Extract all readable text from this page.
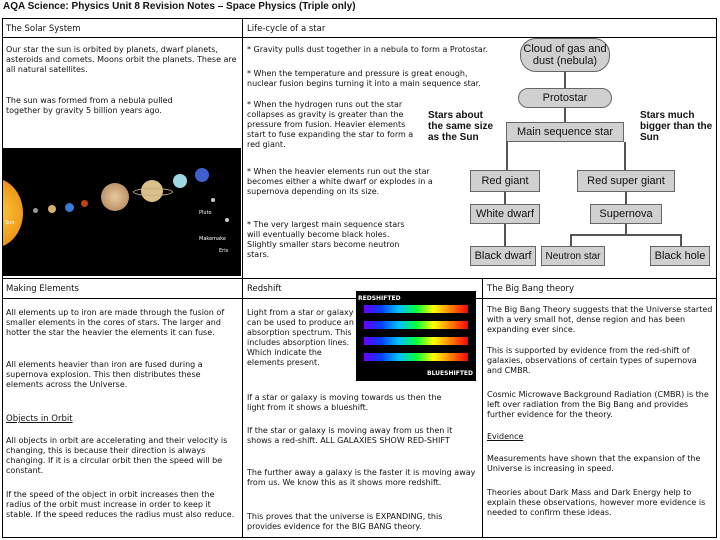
AQA Science: Physics Unit 8 Revision Notes – Space Physics (Triple only)
The Solar System
Our star the sun is orbited by planets, dwarf planets, asteroids and comets. Moons orbit the planets. These are all natural satellites.
The sun was formed from a nebula pulled together by gravity 5 billion years ago.
Sun
Pluto
Makemake
Eris
Life-cycle of a star
* Gravity pulls dust together in a nebula to form a Protostar.
* When the temperature and pressure is great enough, nuclear fusion begins turning it into a main sequence star.
* When the hydrogen runs out the star collapses as gravity is greater than the pressure from fusion. Heavier elements start to fuse expanding the star to form a red giant.
* When the heavier elements run out the star becomes either a white dwarf or explodes in a supernova depending on its size.
* The very largest main sequence stars will eventually become black holes. Slightly smaller stars become neutron stars.
Cloud of gas and dust (nebula)
Protostar
Main sequence star
Stars about the same size as the Sun
Stars much bigger than the Sun
Red giant	Red super giant
White dwarf	Supernova
Black dwarf	Neutron star	Black hole
Making Elements
All elements up to iron are made through the fusion of smaller elements in the cores of stars. The larger and hotter the star the heavier the elements it can fuse.
All elements heavier than iron are fused during a supernova explosion. This then distributes these elements across the Universe.
Objects in Orbit
All objects in orbit are accelerating and their velocity is changing, this is because their direction is always changing. If it is a circular orbit then the speed will be constant.
If the speed of the object in orbit increases then the radius of the orbit must increase in order to keep it stable. If the speed reduces the radius must also reduce.
Redshift
Light from a star or galaxy can be used to produce an absorption spectrum. This includes absorption lines. Which indicate the elements present.
REDSHIFTED
BLUESHIFTED
If a star or galaxy is moving towards us then the light from it shows a blueshift.
If the star or galaxy is moving away from us then it shows a red-shift. ALL GALAXIES SHOW RED-SHIFT
The further away a galaxy is the faster it is moving away from us. We know this as it shows more redshift.
This proves that the universe is EXPANDING, this provides evidence for the BIG BANG theory.
The Big Bang theory
The Big Bang Theory suggests that the Universe started with a very small hot, dense region and has been expanding ever since.
This is supported by evidence from the red-shift of galaxies, observations of certain types of supernova and CMBR.
Cosmic Microwave Background Radiation (CMBR) is the left over radiation from the Big Bang and provides further evidence for the theory.
Evidence
Measurements have shown that the expansion of the Universe is increasing in speed.
Theories about Dark Mass and Dark Energy help to explain these observations, however more evidence is needed to confirm these ideas.
